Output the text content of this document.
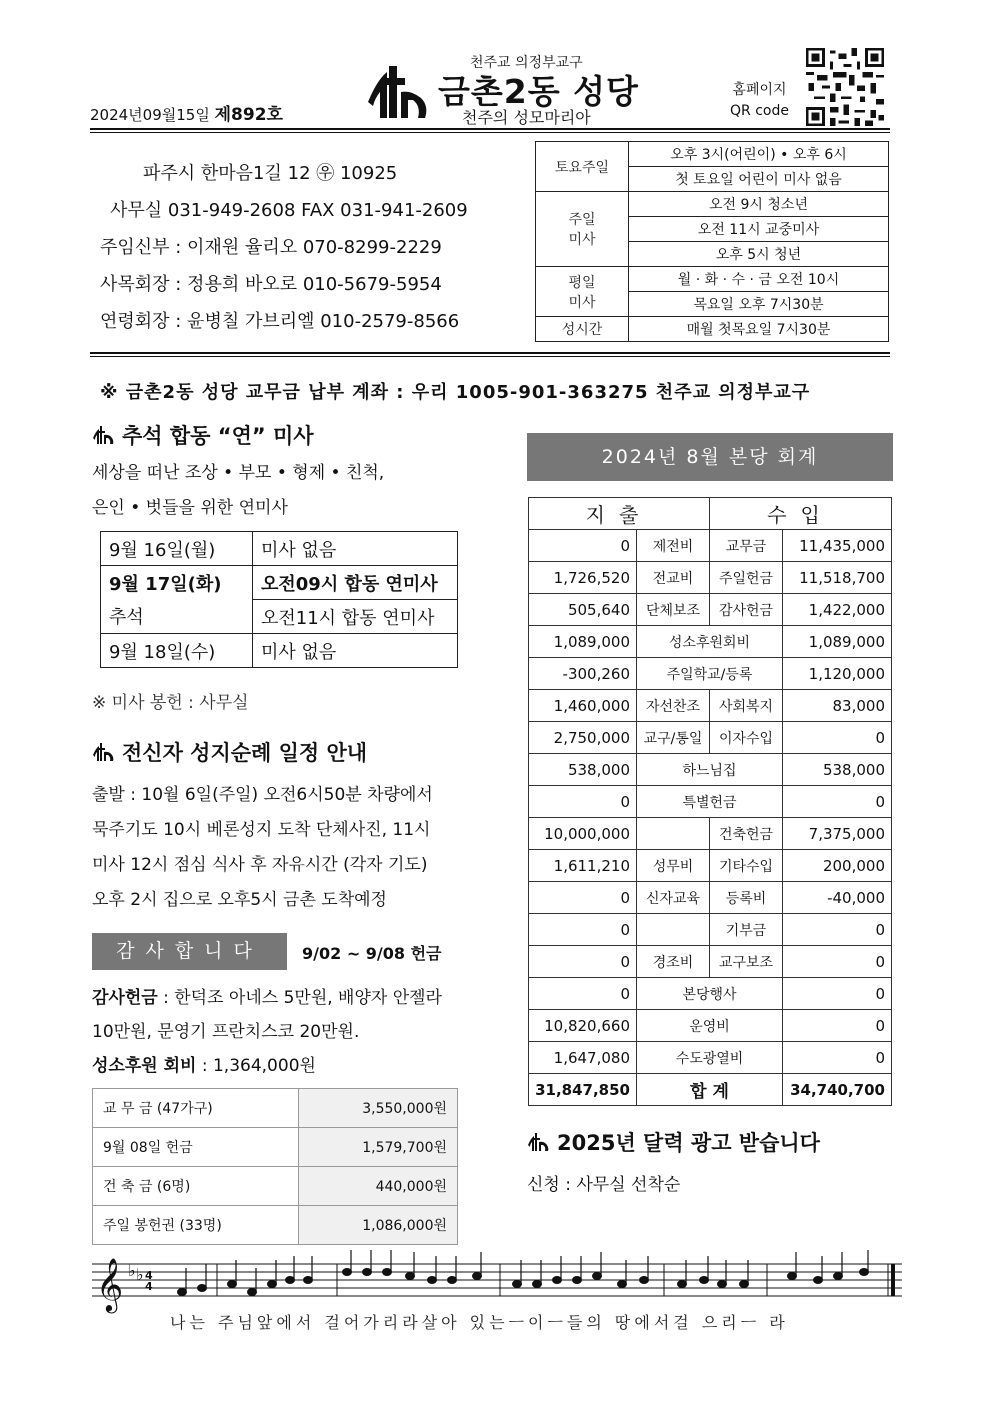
2024년09월15일 제892호
천주교 의정부교구
금촌2동 성당
천주의 성모마리아
홈페이지
QR code
파주시 한마음1길 12 ㉾ 10925
사무실 031-949-2608 FAX 031-941-2609
주임신부 : 이재원 율리오 070-8299-2229
사목회장 : 정용희 바오로 010-5679-5954
연령회장 : 윤병칠 가브리엘 010-2579-8566
토요주일	오후 3시(어린이) • 오후 6시
	첫 토요일 어린이 미사 없음

주일
미사	오전 9시 청소년
	오전 11시 교중미사
	오후 5시 청년

평일
미사	월 · 화 · 수 · 금 오전 10시
	목요일 오후 7시30분
성시간	매월 첫목요일 7시30분
※ 금촌2동 성당 교무금 납부 계좌 : 우리 1005-901-363275 천주교 의정부교구
추석 합동 “연” 미사
세상을 떠난 조상 • 부모 • 형제 • 친척,
은인 • 벗들을 위한 연미사
9월 16일(월)	미사 없음
9월 17일(화)	오전09시 합동 연미사
추석	오전11시 합동 연미사
9월 18일(수)	미사 없음
※ 미사 봉헌 : 사무실
전신자 성지순례 일정 안내
출발 : 10월 6일(주일) 오전6시50분 차량에서
묵주기도 10시 베론성지 도착 단체사진, 11시
미사 12시 점심 식사 후 자유시간 (각자 기도)
오후 2시 집으로 오후5시 금촌 도착예정
감사합니다	9/02 ~ 9/08 헌금
감사헌금 : 한덕조 아네스 5만원, 배양자 안젤라
10만원, 문영기 프란치스코 20만원.
성소후원 회비 : 1,364,000원
교 무 금 (47가구)	3,550,000원
9월 08일 헌금	1,579,700원
건 축 금 (6명)	440,000원
주일 봉헌권 (33명)	1,086,000원
2024년 8월 본당 회계
지출		수입	
0	제전비	교무금	11,435,000
1,726,520	전교비	주일헌금	11,518,700
505,640	단체보조	감사헌금	1,422,000
1,089,000	성소후원회비		1,089,000
-300,260	주일학교/등록		1,120,000
1,460,000	자선찬조	사회복지	83,000
2,750,000	교구/통일	이자수입	0
538,000	하느님집		538,000
0	특별헌금		0
10,000,000		건축헌금	7,375,000
1,611,210	성무비	기타수입	200,000
0	신자교육	등록비	-40,000
0		기부금	0
0	경조비	교구보조	0
0	본당행사		0
10,820,660	운영비		0
1,647,080	수도광열비		0
31,847,850	합 계		34,740,700
2025년 달력 광고 받습니다
신청 : 사무실 선착순
𝄞 ♭ ♭ 4
4
나는 주님앞에서 걸어가리라살아 있는ㅡ이ㅡ들의 땅에서걸 으리ㅡ 라
